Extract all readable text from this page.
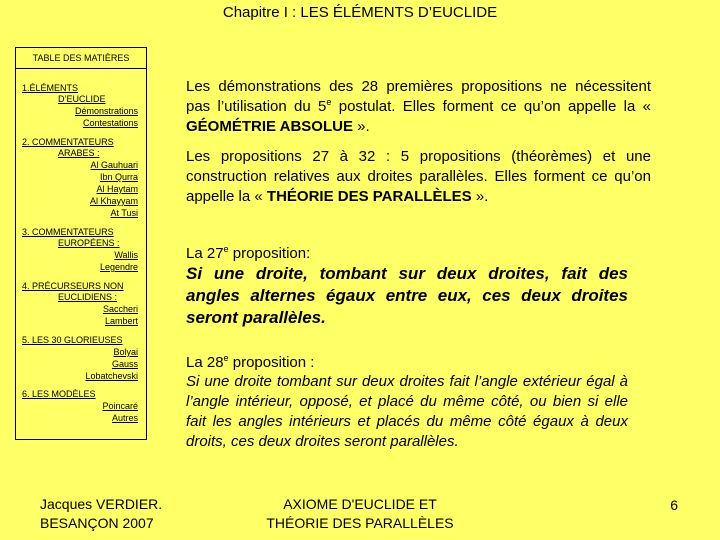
Chapitre I : LES ÉLÉMENTS D’EUCLIDE
TABLE DES MATIÈRES
1.ÉLÉMENTS
D’EUCLIDE
Démonstrations
Contestations
2. COMMENTATEURS
ARABES :
Al Gauhuari
Ibn Qurra
Al Haytam
Al Khayyam
At Tusi
3. COMMENTATEURS
EUROPÉENS :
Wallis
Legendre
4. PRÉCURSEURS NON
EUCLIDIENS :
Saccheri
Lambert
5. LES 30 GLORIEUSES
Bolyai
Gauss
Lobatchevski
6. LES MODÈLES
Poincaré
Autres
Les démonstrations des 28 premières propositions ne nécessitent pas l’utilisation du 5e postulat. Elles forment ce qu’on appelle la « GÉOMÉTRIE ABSOLUE ».
Les propositions 27 à 32 : 5 propositions (théorèmes) et une construction relatives aux droites parallèles. Elles forment ce qu’on appelle la « THÉORIE DES PARALLÈLES ».
La 27e proposition:
Si une droite, tombant sur deux droites, fait des angles alternes égaux entre eux, ces deux droites seront parallèles.
La 28e proposition :
Si une droite tombant sur deux droites fait l’angle extérieur égal à l’angle intérieur, opposé, et placé du même côté, ou bien si elle fait les angles intérieurs et placés du même côté égaux à deux droits, ces deux droites seront parallèles.
Jacques VERDIER.
BESANÇON 2007
AXIOME D'EUCLIDE ET
THÉORIE DES PARALLÈLES
6
